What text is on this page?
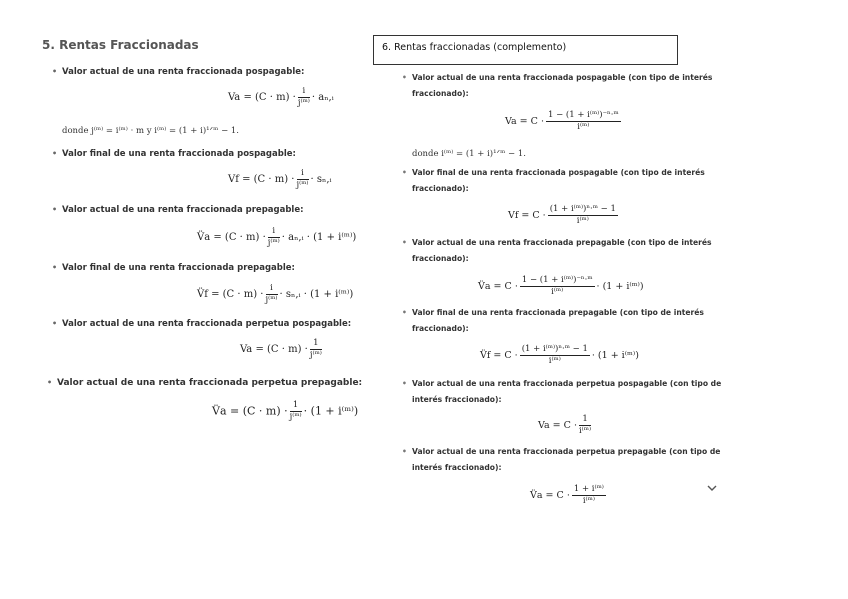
5. Rentas Fraccionadas
• Valor actual de una renta fraccionada pospagable:
$Va = (C \cdot m) \cdot \frac{i}{\text{j⁽ᵐ⁾}}$ · aₙ,ᵢ
donde j⁽ᵐ⁾ = i⁽ᵐ⁾ · m y i⁽ᵐ⁾ = (1 + i)¹ᐟᵐ − 1.
• Valor final de una renta fraccionada pospagable:
$Vf = (C \cdot m) \cdot \frac{i}{\text{j⁽ᵐ⁾}}$ · sₙ,ᵢ
• Valor actual de una renta fraccionada prepagable:
V̈a = $(C \cdot m) \cdot \frac{i}{\text{j⁽ᵐ⁾}}$ · aₙ,ᵢ · (1 + i⁽ᵐ⁾)
• Valor final de una renta fraccionada prepagable:
V̈f = $(C \cdot m) \cdot \frac{i}{\text{j⁽ᵐ⁾}}$ · sₙ,ᵢ · (1 + i⁽ᵐ⁾)
• Valor actual de una renta fraccionada perpetua pospagable:
$Va = (C \cdot m) \cdot \frac{1}{\text{j⁽ᵐ⁾}}$
• Valor actual de una renta fraccionada perpetua prepagable:
V̈a = $(C \cdot m) \cdot \frac{1}{\text{j⁽ᵐ⁾}} \cdot (1$ + i⁽ᵐ⁾)
6. Rentas fraccionadas (complemento)
• Valor actual de una renta fraccionada pospagable (con tipo de interés fraccionado):
$Va = C \cdot \frac{\text{1 − (1 + i⁽ᵐ⁾)⁻ⁿ·ᵐ}}{\text{i⁽ᵐ⁾}}$
donde i⁽ᵐ⁾ = (1 + i)¹ᐟᵐ − 1.
• Valor final de una renta fraccionada pospagable (con tipo de interés fraccionado):
$Vf = C \cdot \frac{\text{(1 + i⁽ᵐ⁾)ⁿ·ᵐ − 1}}{\text{i⁽ᵐ⁾}}$
• Valor actual de una renta fraccionada prepagable (con tipo de interés fraccionado):
V̈a = $C \cdot \frac{\text{1 − (1 + i⁽ᵐ⁾)⁻ⁿ·ᵐ}}{\text{i⁽ᵐ⁾}} \cdot (1$ + i⁽ᵐ⁾)
• Valor final de una renta fraccionada prepagable (con tipo de interés fraccionado):
V̈f = $C \cdot \frac{\text{(1 + i⁽ᵐ⁾)ⁿ·ᵐ − 1}}{\text{i⁽ᵐ⁾}} \cdot (1$ + i⁽ᵐ⁾)
• Valor actual de una renta fraccionada perpetua pospagable (con tipo de interés fraccionado):
$Va = C \cdot \frac{1}{\text{i⁽ᵐ⁾}}$
• Valor actual de una renta fraccionada perpetua prepagable (con tipo de interés fraccionado):
V̈a = $C \cdot \frac{\text{1 + i⁽ᵐ⁾}}{\text{i⁽ᵐ⁾}}$
